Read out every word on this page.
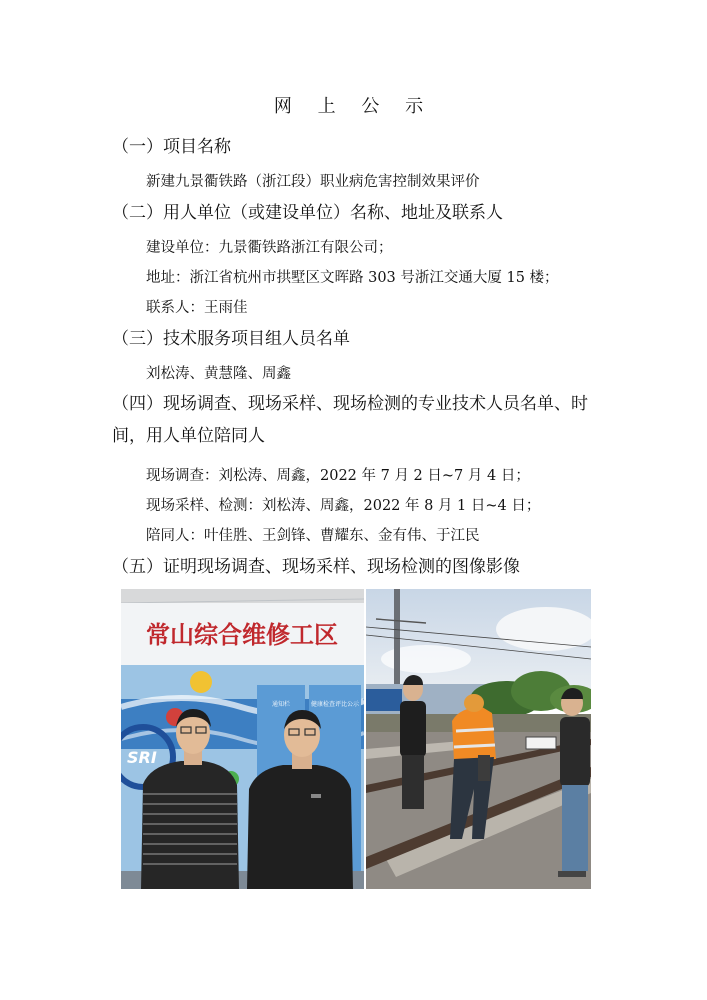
网 上 公 示
（一）项目名称
新建九景衢铁路（浙江段）职业病危害控制效果评价
（二）用人单位（或建设单位）名称、地址及联系人
建设单位：九景衢铁路浙江有限公司；
地址：浙江省杭州市拱墅区文晖路 303 号浙江交通大厦 15 楼；
联系人：王雨佳
（三）技术服务项目组人员名单
刘松涛、黄慧隆、周鑫
（四）现场调查、现场采样、现场检测的专业技术人员名单、时间，用人单位陪同人
现场调查：刘松涛、周鑫，2022 年 7 月 2 日~7 月 4 日；
现场采样、检测：刘松涛、周鑫，2022 年 8 月 1 日~4 日；
陪同人：叶佳胜、王剑锋、曹耀东、金有伟、于江民
（五）证明现场调查、现场采样、现场检测的图像影像
常山综合维修工区
SRI
通知栏	健康检查评比公示
